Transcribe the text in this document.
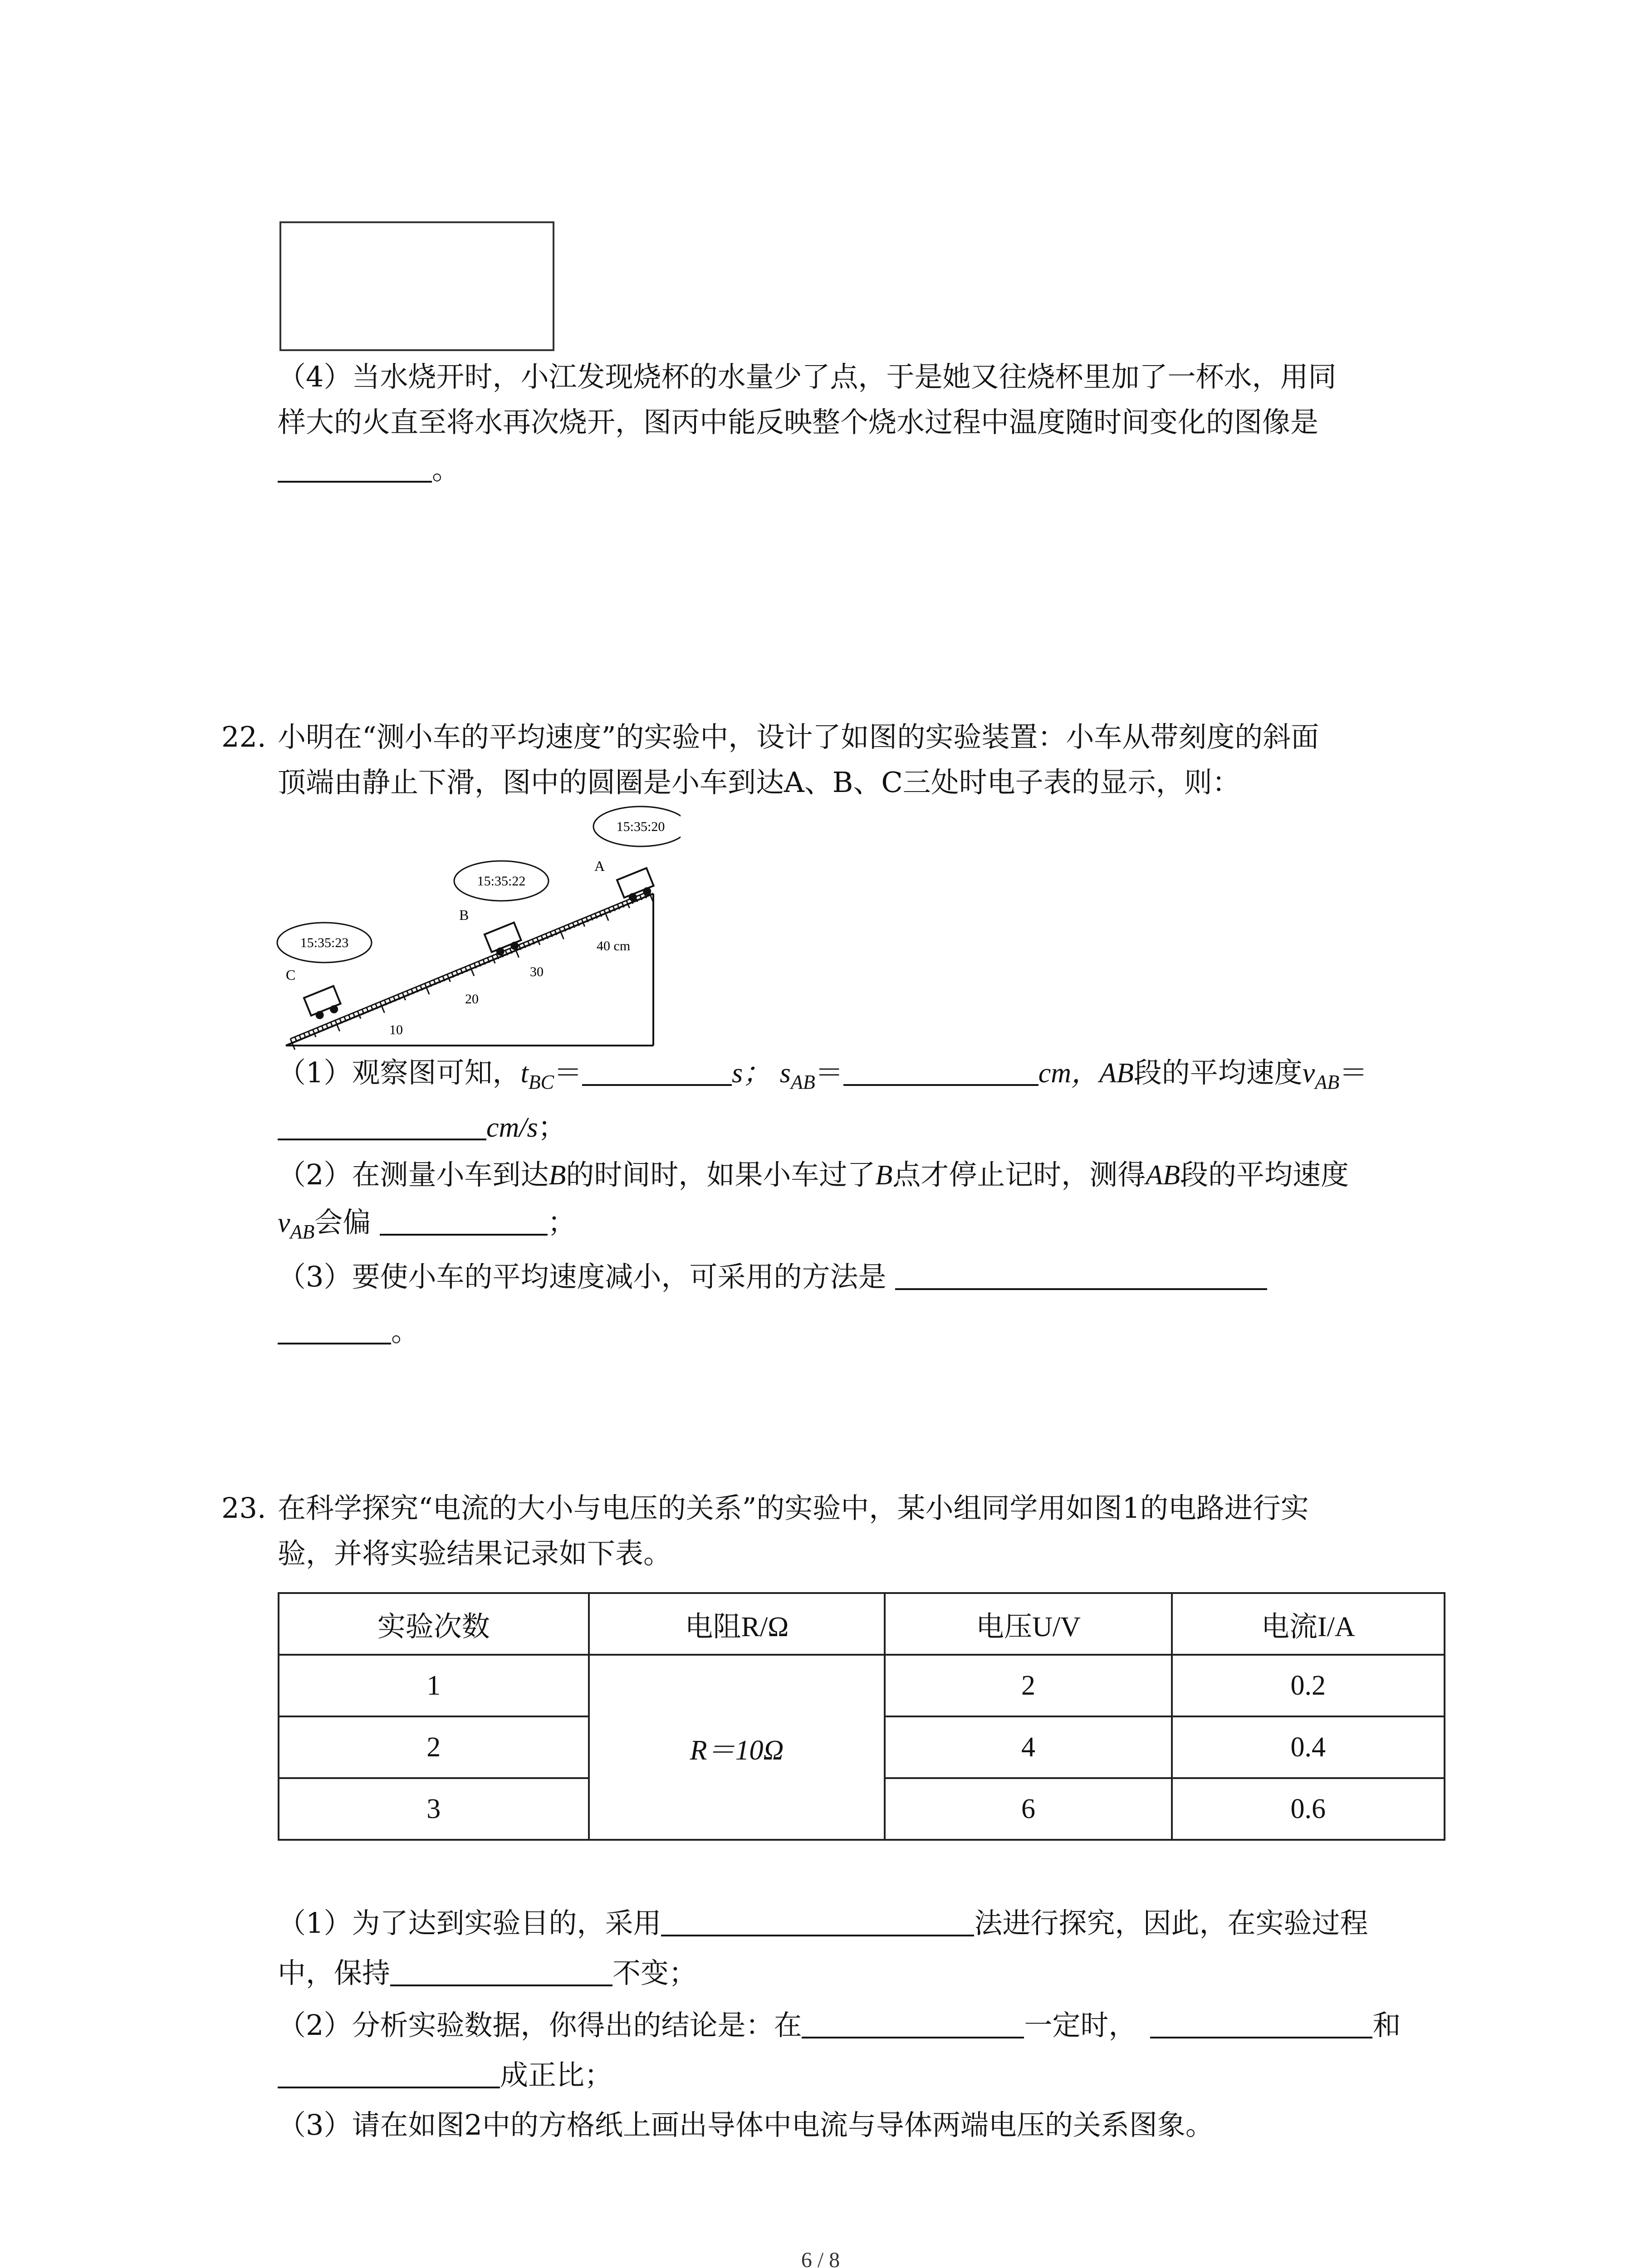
（4）当水烧开时，小江发现烧杯的水量少了点，于是她又往烧杯里加了一杯水，用同
样大的火直至将水再次烧开，图丙中能反映整个烧水过程中温度随时间变化的图像是
。
22. 小明在“测小车的平均速度”的实验中，设计了如图的实验装置：小车从带刻度的斜面
顶端由静止下滑，图中的圆圈是小车到达A、B、C三处时电子表的显示，则：
10
20
30
40 cm
A
B
C
15:35:20
15:35:22
15:35:23
（1）观察图可知，$t_{BC}=$	s； $s_{AB}=$	cm，AB段的平均速度$v_{AB}=$
cm/s；
（2）在测量小车到达B的时间时，如果小车过了B点才停止记时，测得AB段的平均速度
$v_{AB}$会偏	；
（3）要使小车的平均速度减小，可采用的方法是
。
23. 在科学探究“电流的大小与电压的关系”的实验中，某小组同学用如图1的电路进行实
验，并将实验结果记录如下表。
实验次数	电阻R/Ω	电压U/V	电流I/A
1	R＝10Ω	2	0.2
2		4	0.4
3		6	0.6
（1）为了达到实验目的，采用	法进行探究，因此，在实验过程
中，保持	不变；
（2）分析实验数据，你得出的结论是：在	一定时，	和
成正比；
（3）请在如图2中的方格纸上画出导体中电流与导体两端电压的关系图象。
6 / 8
